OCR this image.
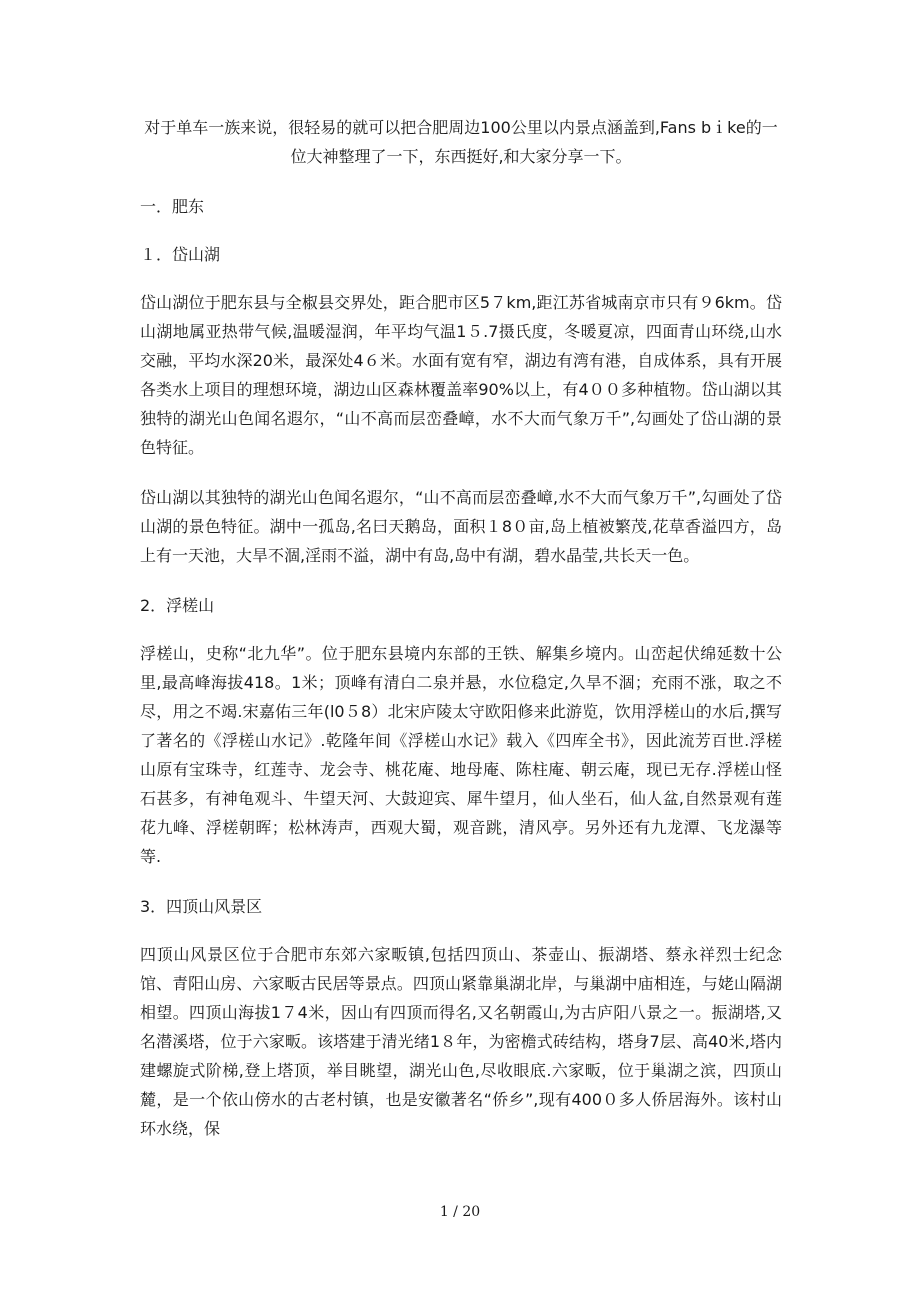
对于单车一族来说，很轻易的就可以把合肥周边100公里以内景点涵盖到,Fans bｉke的一位大神整理了一下，东西挺好,和大家分享一下。

一．肥东

１．岱山湖

岱山湖位于肥东县与全椒县交界处，距合肥市区5７km,距江苏省城南京市只有９6km。岱山湖地属亚热带气候,温暖湿润，年平均气温1５.7摄氏度，冬暖夏凉，四面青山环绕,山水交融，平均水深20米，最深处4６米。水面有宽有窄，湖边有湾有港，自成体系，具有开展各类水上项目的理想环境，湖边山区森林覆盖率90%以上，有4００多种植物。岱山湖以其独特的湖光山色闻名遐尔，“山不高而层峦叠嶂，水不大而气象万千”,勾画处了岱山湖的景色特征。

岱山湖以其独特的湖光山色闻名遐尔，“山不高而层峦叠嶂,水不大而气象万千”,勾画处了岱山湖的景色特征。湖中一孤岛,名曰天鹅岛，面积１8０亩,岛上植被繁茂,花草香溢四方，岛上有一天池，大旱不涸,淫雨不溢，湖中有岛,岛中有湖，碧水晶莹,共长天一色。

2．浮槎山

浮槎山，史称“北九华”。位于肥东县境内东部的王铁、解集乡境内。山峦起伏绵延数十公里,最高峰海拔418。1米；顶峰有清白二泉并悬，水位稳定,久旱不涸；充雨不涨，取之不尽，用之不竭.宋嘉佑三年(l0５8）北宋庐陵太守欧阳修来此游览，饮用浮槎山的水后,撰写了著名的《浮槎山水记》.乾隆年间《浮槎山水记》载入《四库全书》，因此流芳百世.浮槎山原有宝珠寺，红莲寺、龙会寺、桃花庵、地母庵、陈柱庵、朝云庵，现已无存.浮槎山怪石甚多，有神龟观斗、牛望天河、大鼓迎宾、犀牛望月，仙人坐石，仙人盆,自然景观有莲花九峰、浮槎朝晖；松林涛声，西观大蜀，观音跳，清风亭。另外还有九龙潭、飞龙瀑等等.

3．四顶山风景区

四顶山风景区位于合肥市东郊六家畈镇,包括四顶山、茶壶山、振湖塔、蔡永祥烈士纪念馆、青阳山房、六家畈古民居等景点。四顶山紧靠巢湖北岸，与巢湖中庙相连，与姥山隔湖相望。四顶山海拔1７4米，因山有四顶而得名,又名朝霞山,为古庐阳八景之一。振湖塔,又名潜溪塔，位于六家畈。该塔建于清光绪1８年，为密檐式砖结构，塔身7层、高40米,塔内建螺旋式阶梯,登上塔顶，举目眺望，湖光山色,尽收眼底.六家畈，位于巢湖之滨，四顶山麓，是一个依山傍水的古老村镇，也是安徽著名“侨乡”,现有400０多人侨居海外。该村山环水绕，保

1 / 20
